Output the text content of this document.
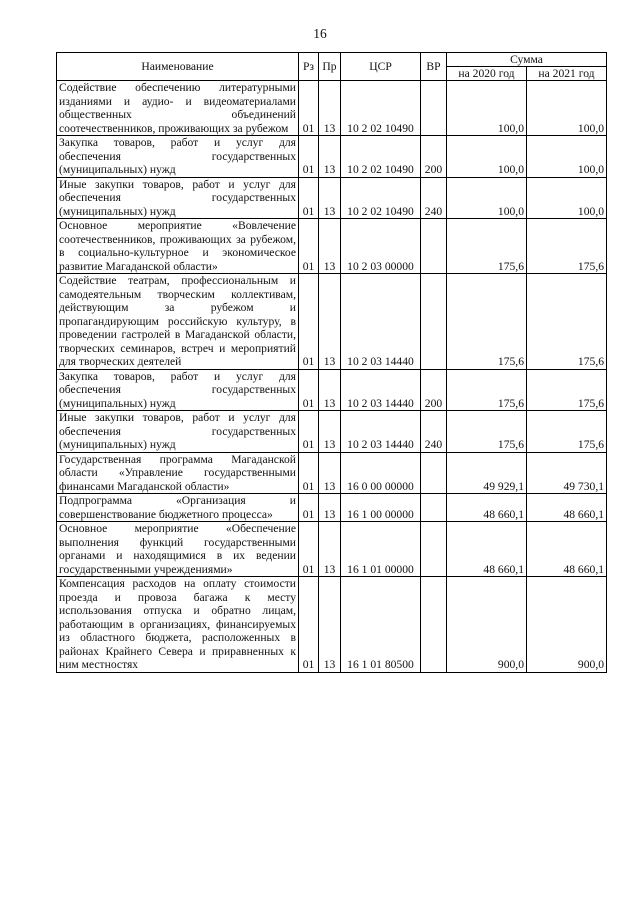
16
Наименование	Рз	Пр	ЦСР	ВР	Сумма	
					на 2020 год	на 2021 год
Содействие обеспечению литературными изданиями и аудио- и видеоматериалами общественных объединений соотечественников, проживающих за рубежом	01	13	10 2 02 10490		100,0	100,0
Закупка товаров, работ и услуг для обеспечения государственных (муниципальных) нужд	01	13	10 2 02 10490	200	100,0	100,0
Иные закупки товаров, работ и услуг для обеспечения государственных (муниципальных) нужд	01	13	10 2 02 10490	240	100,0	100,0
Основное мероприятие «Вовлечение соотечественников, проживающих за рубежом, в социально-культурное и экономическое развитие Магаданской области»	01	13	10 2 03 00000		175,6	175,6
Содействие театрам, профессиональным и самодеятельным творческим коллективам, действующим за рубежом и пропагандирующим российскую культуру, в проведении гастролей в Магаданской области, творческих семинаров, встреч и мероприятий для творческих деятелей	01	13	10 2 03 14440		175,6	175,6
Закупка товаров, работ и услуг для обеспечения государственных (муниципальных) нужд	01	13	10 2 03 14440	200	175,6	175,6
Иные закупки товаров, работ и услуг для обеспечения государственных (муниципальных) нужд	01	13	10 2 03 14440	240	175,6	175,6
Государственная программа Магаданской области «Управление государственными финансами Магаданской области»	01	13	16 0 00 00000		49 929,1	49 730,1
Подпрограмма «Организация и совершенствование бюджетного процесса»	01	13	16 1 00 00000		48 660,1	48 660,1
Основное мероприятие «Обеспечение выполнения функций государственными органами и находящимися в их ведении государственными учреждениями»	01	13	16 1 01 00000		48 660,1	48 660,1
Компенсация расходов на оплату стоимости проезда и провоза багажа к месту использования отпуска и обратно лицам, работающим в организациях, финансируемых из областного бюджета, расположенных в районах Крайнего Севера и приравненных к ним местностях	01	13	16 1 01 80500		900,0	900,0
